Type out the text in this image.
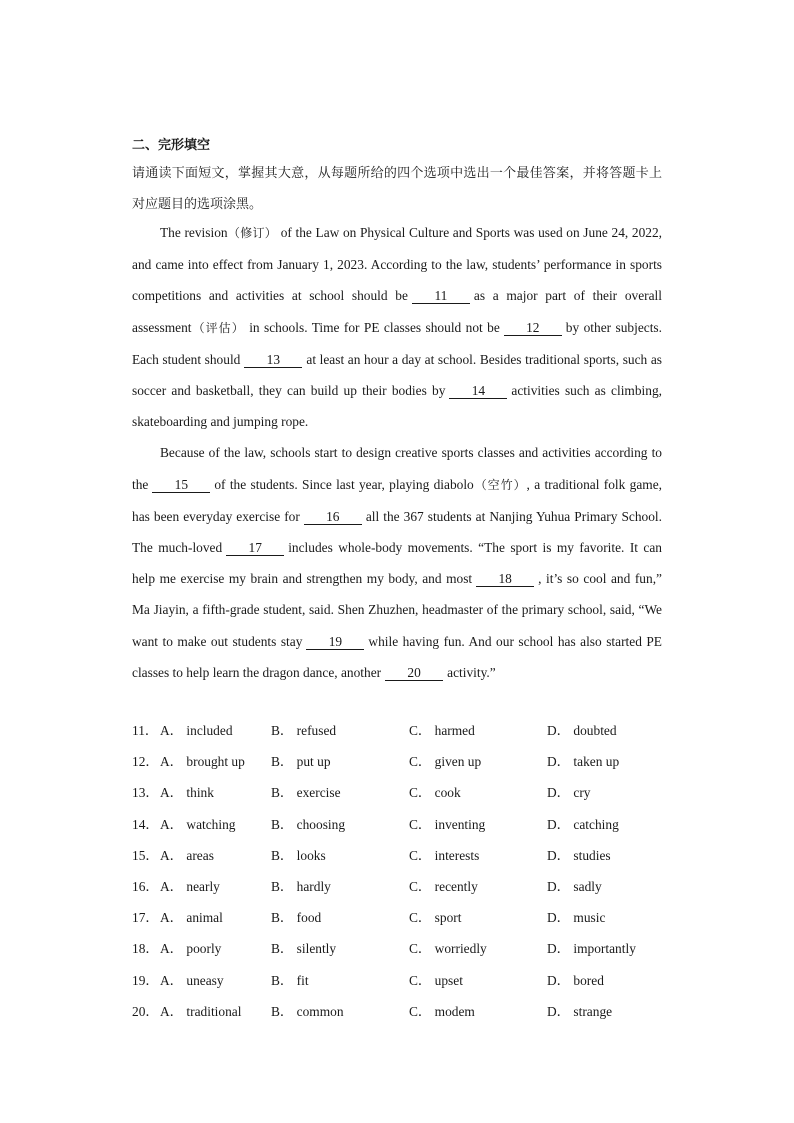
二、完形填空
请通读下面短文，掌握其大意，从每题所给的四个选项中选出一个最佳答案，并将答题卡上对应题目的选项涂黑。

The revision（修订） of the Law on Physical Culture and Sports was used on June 24, 2022, and came into effect from January 1, 2023. According to the law, students’ performance in sports competitions and activities at school should be 11 as a major part of their overall assessment（评估） in schools. Time for PE classes should not be 12 by other subjects. Each student should 13 at least an hour a day at school. Besides traditional sports, such as soccer and basketball, they can build up their bodies by 14 activities such as climbing, skateboarding and jumping rope.

Because of the law, schools start to design creative sports classes and activities according to the 15 of the students. Since last year, playing diabolo（空竹）, a traditional folk game, has been everyday exercise for 16 all the 367 students at Nanjing Yuhua Primary School. The much-loved 17 includes whole-body movements. “The sport is my favorite. It can help me exercise my brain and strengthen my body, and most 18 , it’s so cool and fun,” Ma Jiayin, a fifth-grade student, said. Shen Zhuzhen, headmaster of the primary school, said, “We want to make out students stay 19 while having fun. And our school has also started PE classes to help learn the dragon dance, another 20 activity.”

11． A． included	B． refused	C． harmed	D． doubted
12． A． brought up B． put up	C． given up	D． taken up
13． A． think	B． exercise	C． cook	D． cry
14． A． watching	B． choosing	C． inventing	D． catching
15． A． areas	B． looks	C． interests	D． studies
16． A． nearly	B． hardly	C． recently	D． sadly
17． A． animal	B． food	C． sport	D． music
18． A． poorly	B． silently	C． worriedly	D． importantly
19． A． uneasy	B． fit	C． upset	D． bored
20． A． traditional B． common	C． modem	D． strange
